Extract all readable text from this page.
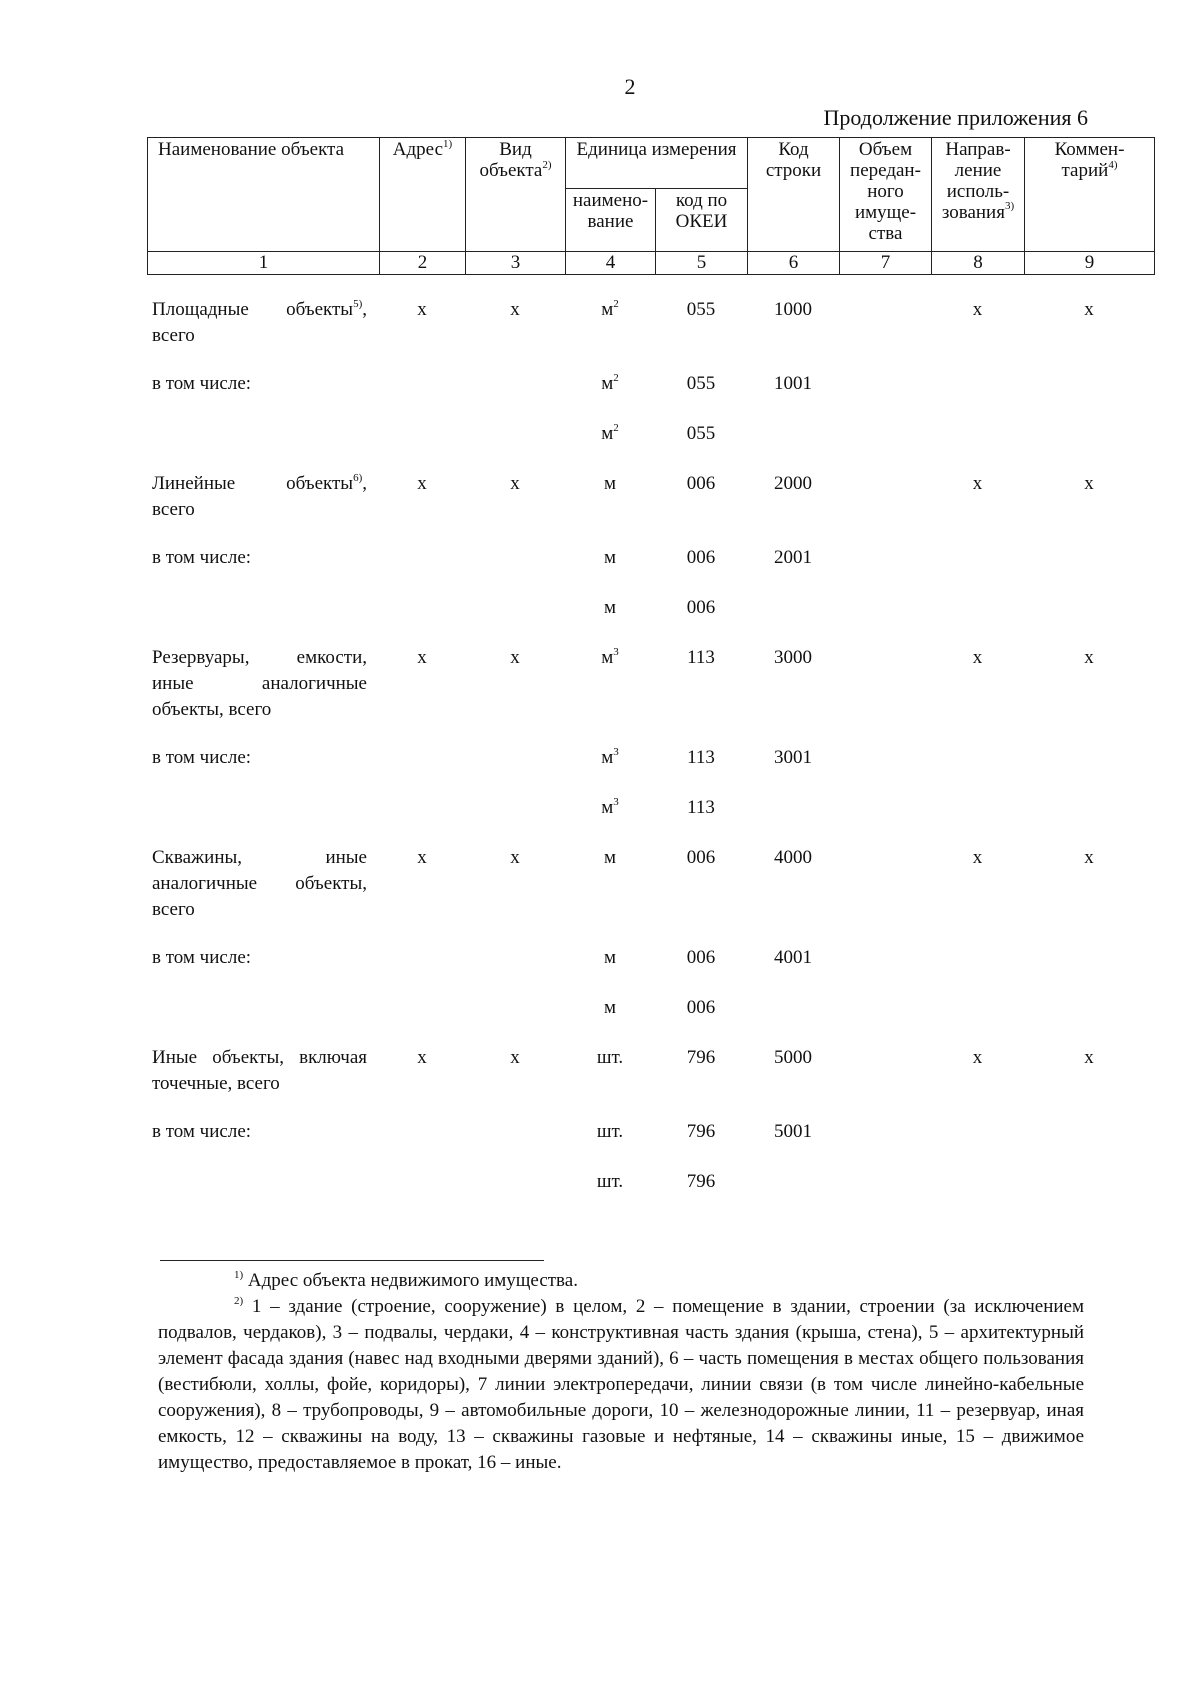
2
Продолжение приложения 6
Наименование объекта	Адрес$^{1)}$	Вид объекта$^{2)}$	Единица измерения		Код строки	Объем передан-ного имуще-ства	Направ-ление исполь-зования$^{3)}$	Коммен-тарий$^{4)}$
			наимено-вание	код по ОКЕИ				
1	2	3	4	5	6	7	8	9
Площадные объекты$^{5)}$, всего	х	х	$м^2$	055	1000		х	х
в том числе:			$м^2$	055	1001			
			$м^2$	055				
Линейные объекты$^{6)}$, всего	х	х	м	006	2000		х	х
в том числе:			м	006	2001			
			м	006				
Резервуары, емкости, иные аналогичные объекты, всего	х	х	$м^3$	113	3000		х	х
в том числе:			$м^3$	113	3001			
			$м^3$	113				
Скважины, иные аналогичные объекты, всего	х	х	м	006	4000		х	х
в том числе:			м	006	4001			
			м	006				
Иные объекты, включая точечные, всего	х	х	шт.	796	5000		х	х
в том числе:			шт.	796	5001			
			шт.	796				
$^{1)}$ Адрес объекта недвижимого имущества.
$^{2)}$ 1 – здание (строение, сооружение) в целом, 2 – помещение в здании, строении (за исключением подвалов, чердаков), 3 – подвалы, чердаки, 4 – конструктивная часть здания (крыша, стена), 5 – архитектурный элемент фасада здания (навес над входными дверями зданий), 6 – часть помещения в местах общего пользования (вестибюли, холлы, фойе, коридоры), 7 линии электропередачи, линии связи (в том числе линейно-кабельные сооружения), 8 – трубопроводы, 9 – автомобильные дороги, 10 – железнодорожные линии, 11 – резервуар, иная емкость, 12 – скважины на воду, 13 – скважины газовые и нефтяные, 14 – скважины иные, 15 – движимое имущество, предоставляемое в прокат, 16 – иные.
